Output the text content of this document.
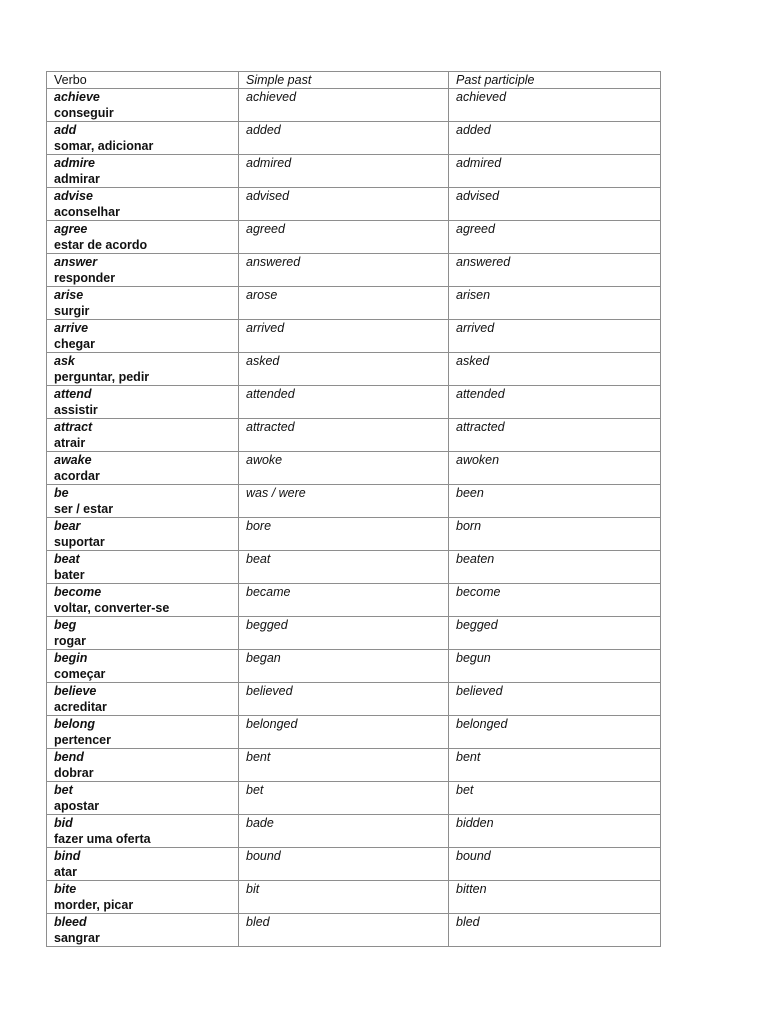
Verbo	Simple past	Past participle

achieve
conseguir	achieved	achieved

add
somar, adicionar	added	added

admire
admirar	admired	admired

advise
aconselhar	advised	advised

agree
estar de acordo	agreed	agreed

answer
responder	answered	answered

arise
surgir	arose	arisen

arrive
chegar	arrived	arrived

ask
perguntar, pedir	asked	asked

attend
assistir	attended	attended

attract
atrair	attracted	attracted

awake
acordar	awoke	awoken

be
ser / estar	was / were	been

bear
suportar	bore	born

beat
bater	beat	beaten

become
voltar, converter-se	became	become

beg
rogar	begged	begged

begin
começar	began	begun

believe
acreditar	believed	believed

belong
pertencer	belonged	belonged

bend
dobrar	bent	bent

bet
apostar	bet	bet

bid
fazer uma oferta	bade	bidden

bind
atar	bound	bound

bite
morder, picar	bit	bitten

bleed
sangrar	bled	bled
